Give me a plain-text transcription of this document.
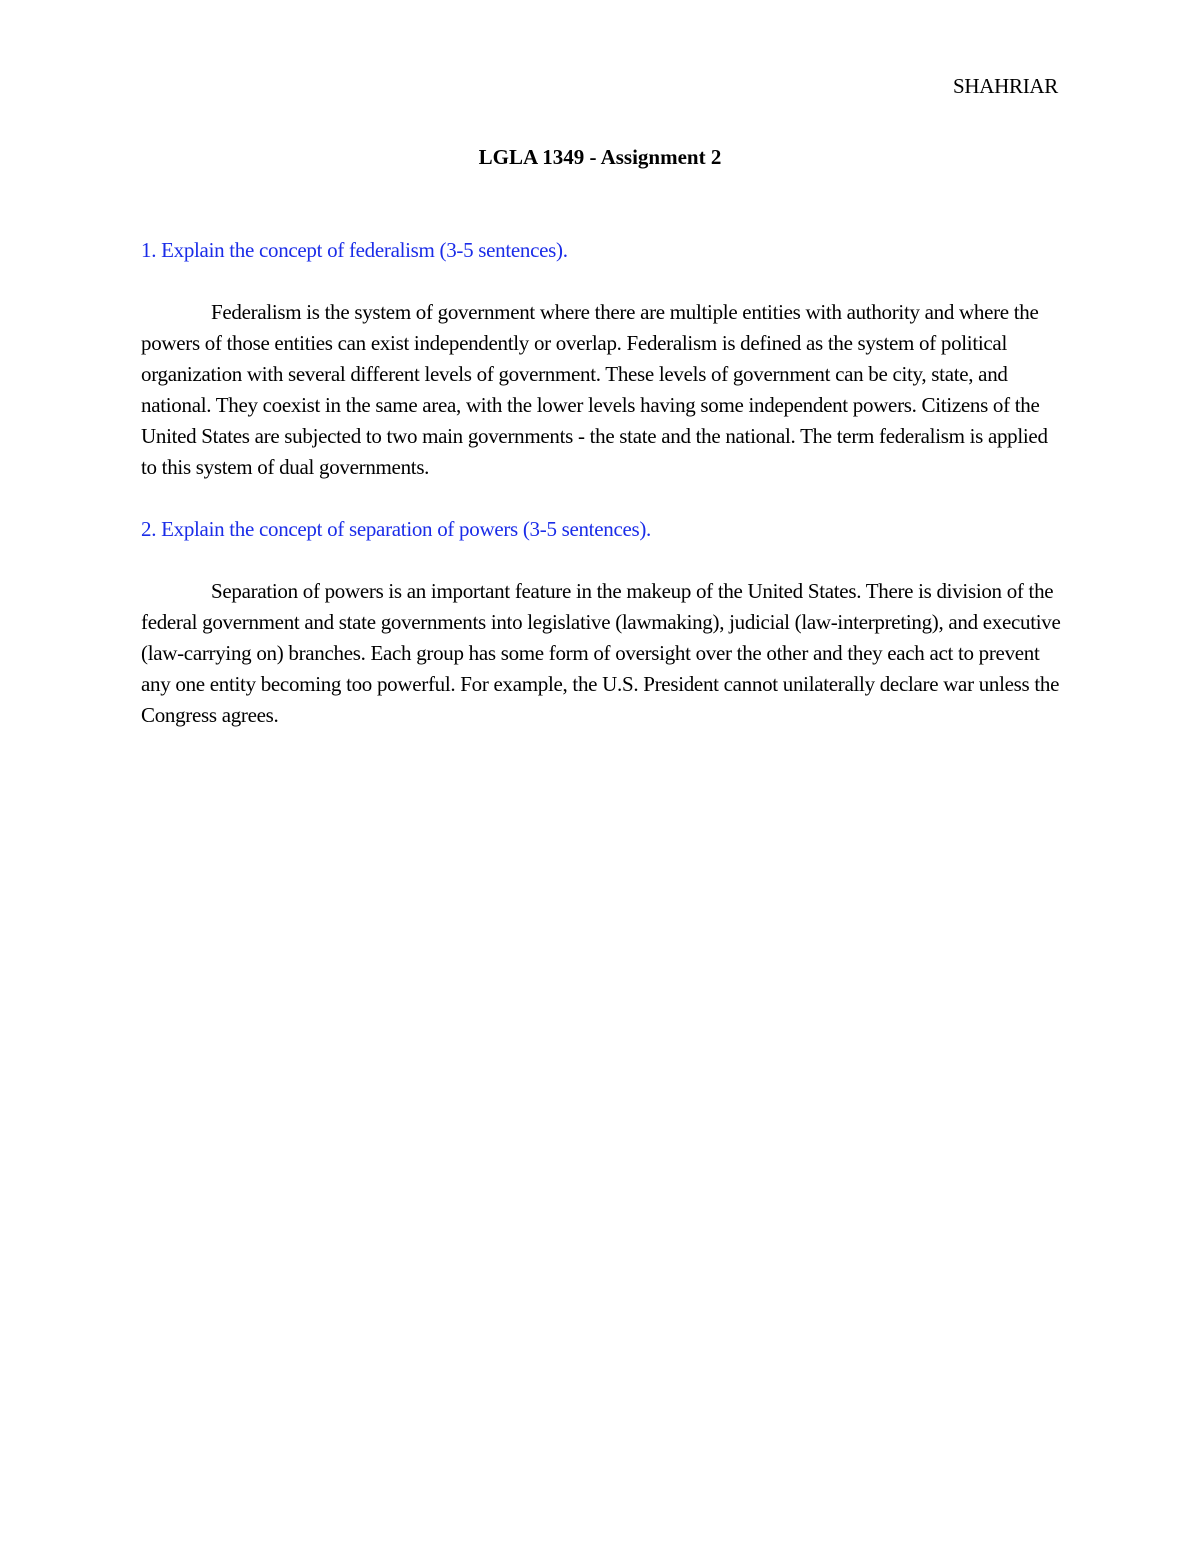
SHAHRIAR
LGLA 1349 - Assignment 2

1. Explain the concept of federalism (3-5 sentences).

Federalism is the system of government where there are multiple entities with authority and where the powers of those entities can exist independently or overlap. Federalism is defined as the system of political organization with several different levels of government. These levels of government can be city, state, and national. They coexist in the same area, with the lower levels having some independent powers. Citizens of the United States are subjected to two main governments - the state and the national. The term federalism is applied to this system of dual governments.

2. Explain the concept of separation of powers (3-5 sentences).

Separation of powers is an important feature in the makeup of the United States. There is division of the federal government and state governments into legislative (lawmaking), judicial (law-interpreting), and executive (law-carrying on) branches. Each group has some form of oversight over the other and they each act to prevent any one entity becoming too powerful. For example, the U.S. President cannot unilaterally declare war unless the Congress agrees.
